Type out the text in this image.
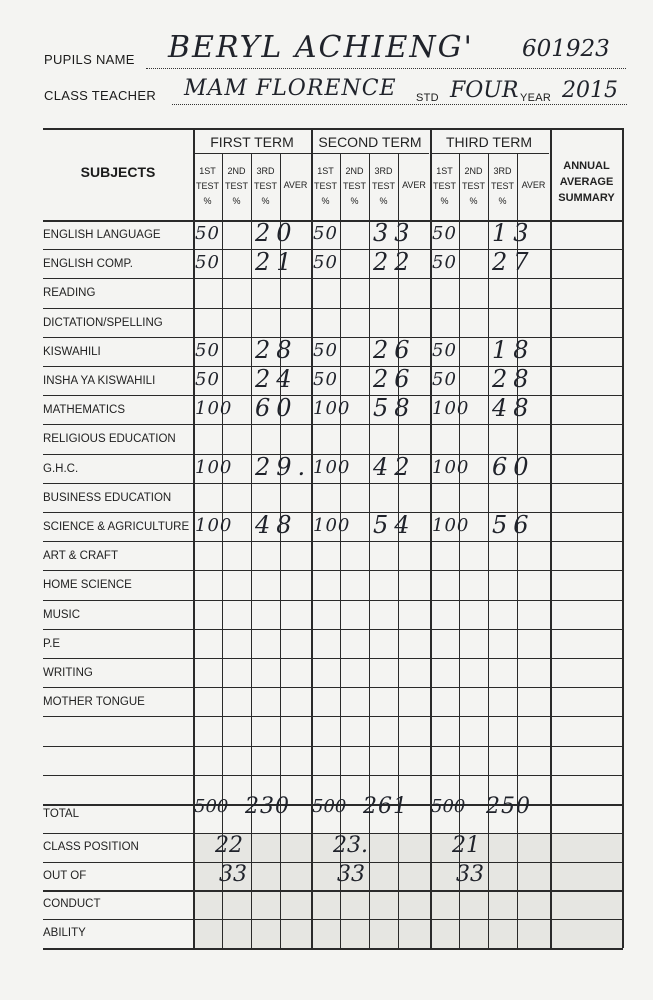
PUPILS NAME BERYL ACHIENG' 601923
CLASS TEACHER MAM FLORENCE STD FOUR YEAR 2015
SUBJECTS
FIRST TERM
1ST
TEST
%
2ND
TEST
%
3RD
TEST
%
AVER
SECOND TERM
1ST
TEST
%
2ND
TEST
%
3RD
TEST
%
AVER
THIRD TERM
1ST
TEST
%
2ND
TEST
%
3RD
TEST
%
AVER
ANNUAL
AVERAGE
SUMMARY
ENGLISH LANGUAGE
ENGLISH COMP.
READING
DICTATION/SPELLING
KISWAHILI
INSHA YA KISWAHILI
MATHEMATICS
RELIGIOUS EDUCATION
G.H.C.
BUSINESS EDUCATION
SCIENCE & AGRICULTURE
ART & CRAFT
HOME SCIENCE
MUSIC
P.E
WRITING
MOTHER TONGUE
TOTAL
CLASS POSITION
OUT OF
CONDUCT
ABILITY
50 20 50 33 50 13
50 21 50 22 50 27
50 28 50 26 50 18
50 24 50 26 50 28
100 60 100 58 100 48
100 29. 100 42 100 60
100 48 100 54 100 56
500 230 500 261 500 250
22
33
23.
33
21
33
